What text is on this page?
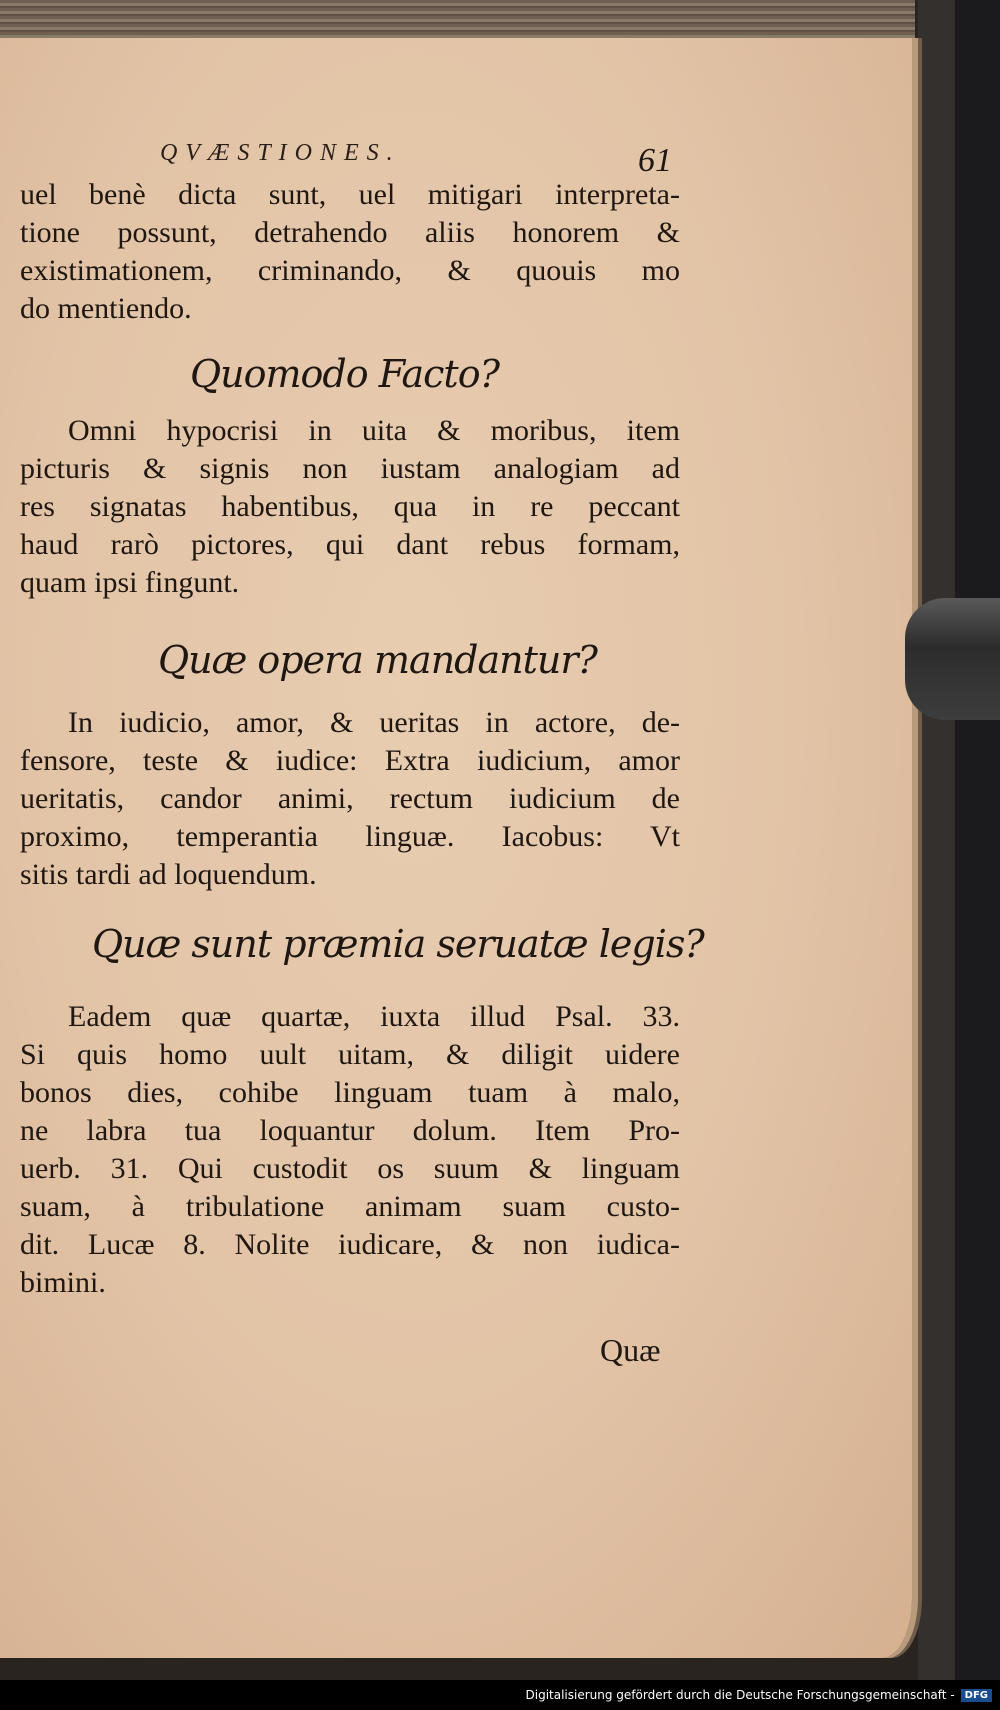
QVÆSTIONES.	61
uel benè dicta sunt, uel mitigari interpreta-
tione possunt, detrahendo aliis honorem &
existimationem, criminando, & quouis mo
do mentiendo.
Quomodo Facto?
Omni hypocrisi in uita & moribus, item
picturis & signis non iustam analogiam ad
res signatas habentibus, qua in re peccant
haud rarò pictores, qui dant rebus formam,
quam ipsi fingunt.
Quæ opera mandantur?
In iudicio, amor, & ueritas in actore, de-
fensore, teste & iudice: Extra iudicium, amor
ueritatis, candor animi, rectum iudicium de
proximo, temperantia linguæ. Iacobus: Vt
sitis tardi ad loquendum.
Quæ sunt præmia seruatæ legis?
Eadem quæ quartæ, iuxta illud Psal. 33.
Si quis homo uult uitam, & diligit uidere
bonos dies, cohibe linguam tuam à malo,
ne labra tua loquantur dolum. Item Pro-
uerb. 31. Qui custodit os suum & linguam
suam, à tribulatione animam suam custo-
dit. Lucæ 8. Nolite iudicare, & non iudica-
bimini.
Quæ
Digitalisierung gefördert durch die Deutsche Forschungsgemeinschaft -	DFG
